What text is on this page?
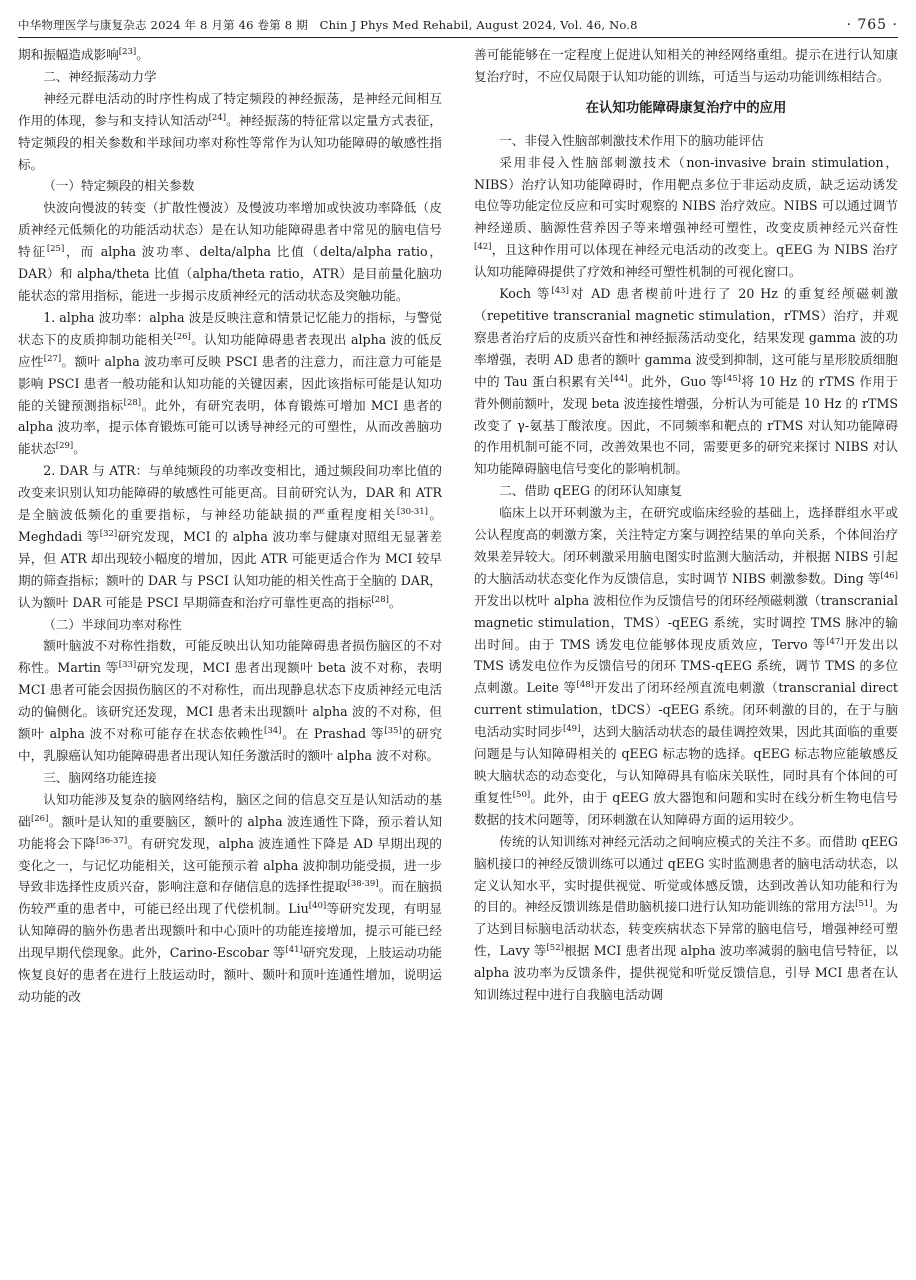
中华物理医学与康复杂志 2024 年 8 月第 46 卷第 8 期　Chin J Phys Med Rehabil, August 2024, Vol. 46, No.8	· 765 ·

期和振幅造成影响[23]。

二、神经振荡动力学

神经元群电活动的时序性构成了特定频段的神经振荡，是神经元间相互作用的体现，参与和支持认知活动[24]。神经振荡的特征常以定量方式表征，特定频段的相关参数和半球间功率对称性等常作为认知功能障碍的敏感性指标。

（一）特定频段的相关参数

快波向慢波的转变（扩散性慢波）及慢波功率增加或快波功率降低（皮质神经元低频化的功能活动状态）是在认知功能障碍患者中常见的脑电信号特征[25]，而 alpha 波功率、delta/alpha 比值（delta/alpha ratio，DAR）和 alpha/theta 比值（alpha/theta ratio，ATR）是目前量化脑功能状态的常用指标，能进一步揭示皮质神经元的活动状态及突触功能。

1. alpha 波功率：alpha 波是反映注意和情景记忆能力的指标，与警觉状态下的皮质抑制功能相关[26]。认知功能障碍患者表现出 alpha 波的低反应性[27]。额叶 alpha 波功率可反映 PSCI 患者的注意力，而注意力可能是影响 PSCI 患者一般功能和认知功能的关键因素，因此该指标可能是认知功能的关键预测指标[28]。此外，有研究表明，体育锻炼可增加 MCI 患者的 alpha 波功率，提示体育锻炼可能可以诱导神经元的可塑性，从而改善脑功能状态[29]。

2. DAR 与 ATR：与单纯频段的功率改变相比，通过频段间功率比值的改变来识别认知功能障碍的敏感性可能更高。目前研究认为，DAR 和 ATR 是全脑波低频化的重要指标，与神经功能缺损的严重程度相关[30-31]。Meghdadi 等[32]研究发现，MCI 的 alpha 波功率与健康对照组无显著差异，但 ATR 却出现较小幅度的增加，因此 ATR 可能更适合作为 MCI 较早期的筛查指标；额叶的 DAR 与 PSCI 认知功能的相关性高于全脑的 DAR，认为额叶 DAR 可能是 PSCI 早期筛查和治疗可靠性更高的指标[28]。

（二）半球间功率对称性

额叶脑波不对称性指数，可能反映出认知功能障碍患者损伤脑区的不对称性。Martin 等[33]研究发现，MCI 患者出现额叶 beta 波不对称，表明 MCI 患者可能会因损伤脑区的不对称性，而出现静息状态下皮质神经元电活动的偏侧化。该研究还发现，MCI 患者未出现额叶 alpha 波的不对称，但额叶 alpha 波不对称可能存在状态依赖性[34]。在 Prashad 等[35]的研究中，乳腺癌认知功能障碍患者出现认知任务激活时的额叶 alpha 波不对称。

三、脑网络功能连接

认知功能涉及复杂的脑网络结构，脑区之间的信息交互是认知活动的基础[26]。额叶是认知的重要脑区，额叶的 alpha 波连通性下降，预示着认知功能将会下降[36-37]。有研究发现，alpha 波连通性下降是 AD 早期出现的变化之一，与记忆功能相关，这可能预示着 alpha 波抑制功能受损，进一步导致非选择性皮质兴奋，影响注意和存储信息的选择性提取[38-39]。而在脑损伤较严重的患者中，可能已经出现了代偿机制。Liu[40]等研究发现，有明显认知障碍的脑外伤患者出现额叶和中心顶叶的功能连接增加，提示可能已经出现早期代偿现象。此外，Carino-Escobar 等[41]研究发现，上肢运动功能恢复良好的患者在进行上肢运动时，额叶、颞叶和顶叶连通性增加，说明运动功能的改

善可能能够在一定程度上促进认知相关的神经网络重组。提示在进行认知康复治疗时，不应仅局限于认知功能的训练，可适当与运动功能训练相结合。

在认知功能障碍康复治疗中的应用
一、非侵入性脑部刺激技术作用下的脑功能评估

采用非侵入性脑部刺激技术（non-invasive brain stimulation，NIBS）治疗认知功能障碍时，作用靶点多位于非运动皮质，缺乏运动诱发电位等功能定位反应和可实时观察的 NIBS 治疗效应。NIBS 可以通过调节神经递质、脑源性营养因子等来增强神经可塑性，改变皮质神经元兴奋性[42]，且这种作用可以体现在神经元电活动的改变上。qEEG 为 NIBS 治疗认知功能障碍提供了疗效和神经可塑性机制的可视化窗口。

Koch 等[43]对 AD 患者楔前叶进行了 20 Hz 的重复经颅磁刺激（repetitive transcranial magnetic stimulation，rTMS）治疗，并观察患者治疗后的皮质兴奋性和神经振荡活动变化，结果发现 gamma 波的功率增强，表明 AD 患者的额叶 gamma 波受到抑制，这可能与星形胶质细胞中的 Tau 蛋白积累有关[44]。此外，Guo 等[45]将 10 Hz 的 rTMS 作用于背外侧前额叶，发现 beta 波连接性增强，分析认为可能是 10 Hz 的 rTMS 改变了 γ-氨基丁酸浓度。因此，不同频率和靶点的 rTMS 对认知功能障碍的作用机制可能不同，改善效果也不同，需要更多的研究来探讨 NIBS 对认知功能障碍脑电信号变化的影响机制。

二、借助 qEEG 的闭环认知康复

临床上以开环刺激为主，在研究或临床经验的基础上，选择群组水平或公认程度高的刺激方案，关注特定方案与调控结果的单向关系，个体间治疗效果差异较大。闭环刺激采用脑电图实时监测大脑活动，并根据 NIBS 引起的大脑活动状态变化作为反馈信息，实时调节 NIBS 刺激参数。Ding 等[46]开发出以枕叶 alpha 波相位作为反馈信号的闭环经颅磁刺激（transcranial magnetic stimulation，TMS）-qEEG 系统，实时调控 TMS 脉冲的输出时间。由于 TMS 诱发电位能够体现皮质效应，Tervo 等[47]开发出以 TMS 诱发电位作为反馈信号的闭环 TMS-qEEG 系统，调节 TMS 的多位点刺激。Leite 等[48]开发出了闭环经颅直流电刺激（transcranial direct current stimulation，tDCS）-qEEG 系统。闭环刺激的目的，在于与脑电活动实时同步[49]，达到大脑活动状态的最佳调控效果，因此其面临的重要问题是与认知障碍相关的 qEEG 标志物的选择。qEEG 标志物应能敏感反映大脑状态的动态变化，与认知障碍具有临床关联性，同时具有个体间的可重复性[50]。此外，由于 qEEG 放大器饱和问题和实时在线分析生物电信号数据的技术问题等，闭环刺激在认知障碍方面的运用较少。

传统的认知训练对神经元活动之间响应模式的关注不多。而借助 qEEG 脑机接口的神经反馈训练可以通过 qEEG 实时监测患者的脑电活动状态，以定义认知水平，实时提供视觉、听觉或体感反馈，达到改善认知功能和行为的目的。神经反馈训练是借助脑机接口进行认知功能训练的常用方法[51]。为了达到目标脑电活动状态，转变疾病状态下异常的脑电信号，增强神经可塑性，Lavy 等[52]根据 MCI 患者出现 alpha 波功率减弱的脑电信号特征，以 alpha 波功率为反馈条件，提供视觉和听觉反馈信息，引导 MCI 患者在认知训练过程中进行自我脑电活动调
